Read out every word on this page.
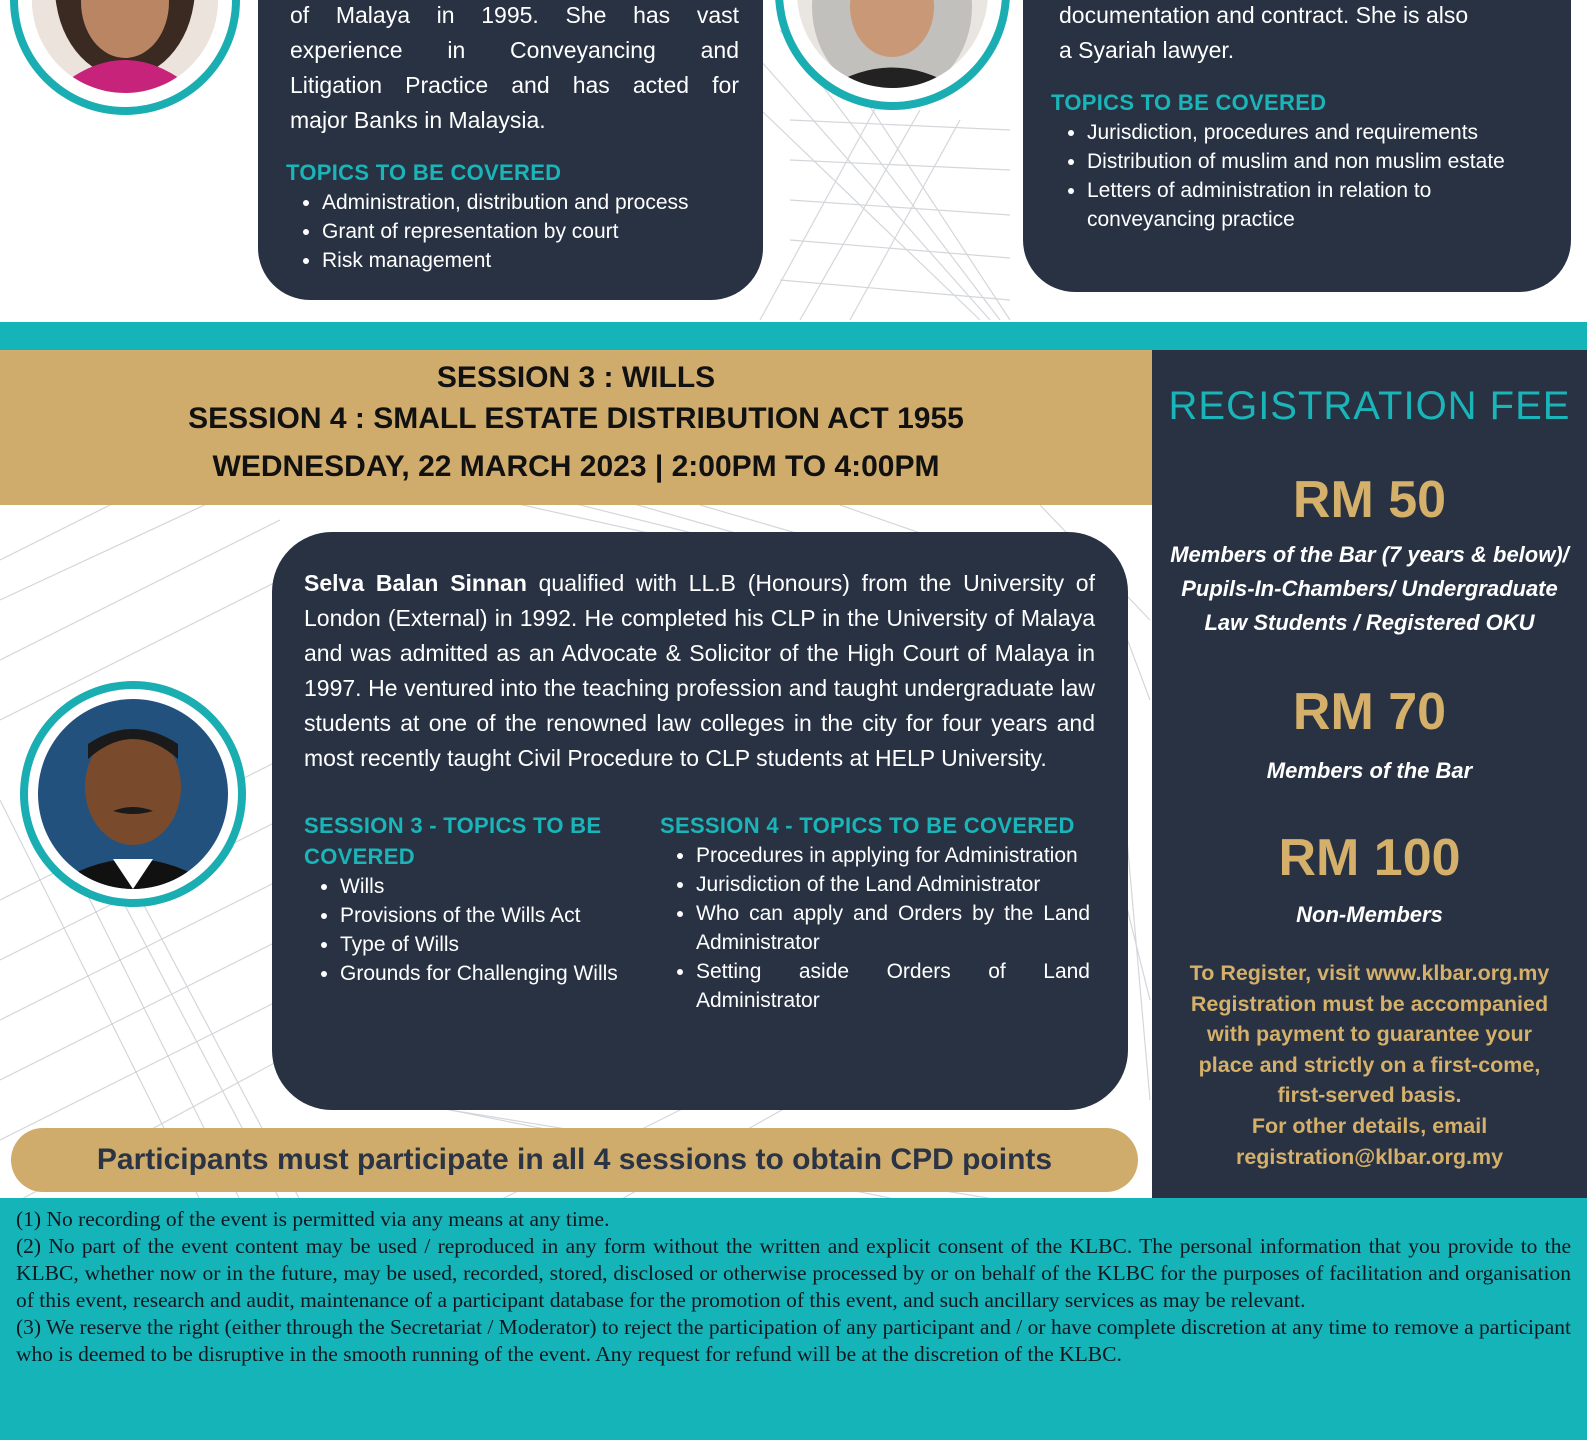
of Malaya in 1995. She has vast
experience in Conveyancing and
Litigation Practice and has acted for
major Banks in Malaysia.
TOPICS TO BE COVERED
Administration, distribution and process
Grant of representation by court
Risk management
documentation and contract. She is also
a Syariah lawyer.
TOPICS TO BE COVERED
Jurisdiction, procedures and requirements
Distribution of muslim and non muslim estate
Letters of administration in relation to conveyancing practice
SESSION 3 : WILLS
SESSION 4 : SMALL ESTATE DISTRIBUTION ACT 1955
WEDNESDAY, 22 MARCH 2023 | 2:00PM TO 4:00PM
Selva Balan Sinnan qualified with LL.B (Honours) from the University of London (External) in 1992. He completed his CLP in the University of Malaya and was admitted as an Advocate & Solicitor of the High Court of Malaya in 1997. He ventured into the teaching profession and taught undergraduate law students at one of the renowned law colleges in the city for four years and most recently taught Civil Procedure to CLP students at HELP University.
SESSION 3 - TOPICS TO BE COVERED
Wills
Provisions of the Wills Act
Type of Wills
Grounds for Challenging Wills
SESSION 4 - TOPICS TO BE COVERED
Procedures in applying for Administration
Jurisdiction of the Land Administrator
Who can apply and Orders by the Land Administrator
Setting aside Orders of Land Administrator
REGISTRATION FEE
RM 50
Members of the Bar (7 years & below)/ Pupils-In-Chambers/ Undergraduate Law Students / Registered OKU
RM 70
Members of the Bar
RM 100
Non-Members
To Register, visit www.klbar.org.my
Registration must be accompanied
with payment to guarantee your
place and strictly on a first-come,
first-served basis.
For other details, email
registration@klbar.org.my
Participants must participate in all 4 sessions to obtain CPD points
(1) No recording of the event is permitted via any means at any time.
(2) No part of the event content may be used / reproduced in any form without the written and explicit consent of the KLBC. The personal information that you provide to the KLBC, whether now or in the future, may be used, recorded, stored, disclosed or otherwise processed by or on behalf of the KLBC for the purposes of facilitation and organisation of this event, research and audit, maintenance of a participant database for the promotion of this event, and such ancillary services as may be relevant.
(3) We reserve the right (either through the Secretariat / Moderator) to reject the participation of any participant and / or have complete discretion at any time to remove a participant who is deemed to be disruptive in the smooth running of the event. Any request for refund will be at the discretion of the KLBC.
